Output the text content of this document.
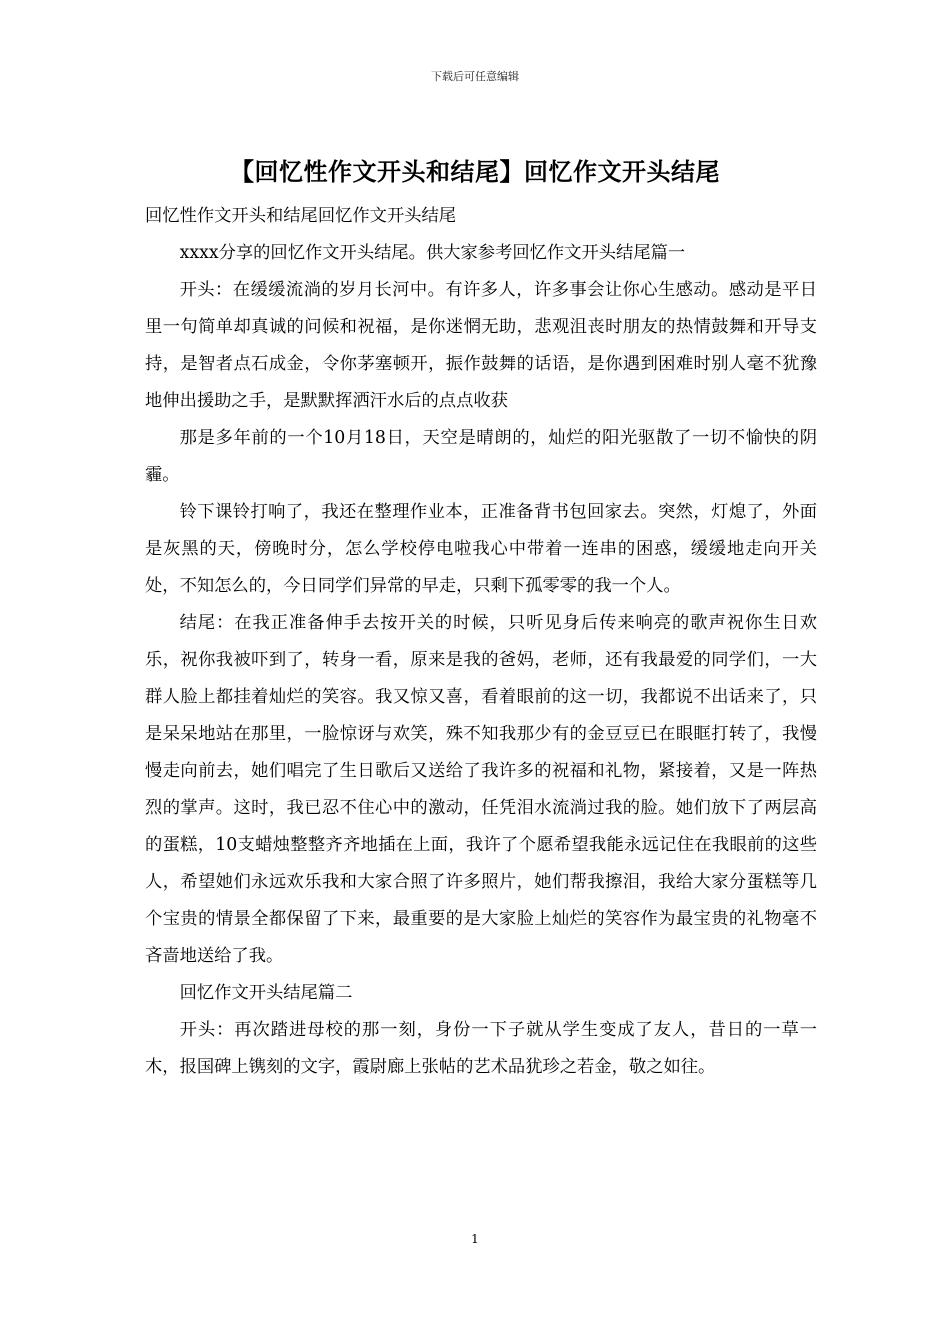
下载后可任意编辑
【回忆性作文开头和结尾】回忆作文开头结尾

回忆性作文开头和结尾回忆作文开头结尾

xxxx分享的回忆作文开头结尾。供大家参考回忆作文开头结尾篇一

开头：在缓缓流淌的岁月长河中。有许多人，许多事会让你心生感动。感动是平日里一句简单却真诚的问候和祝福，是你迷惘无助，悲观沮丧时朋友的热情鼓舞和开导支持，是智者点石成金，令你茅塞顿开，振作鼓舞的话语，是你遇到困难时别人毫不犹豫地伸出援助之手，是默默挥洒汗水后的点点收获

那是多年前的一个10月18日，天空是晴朗的，灿烂的阳光驱散了一切不愉快的阴霾。

铃下课铃打响了，我还在整理作业本，正准备背书包回家去。突然，灯熄了，外面是灰黑的天，傍晚时分，怎么学校停电啦我心中带着一连串的困惑，缓缓地走向开关处，不知怎么的，今日同学们异常的早走，只剩下孤零零的我一个人。

结尾：在我正准备伸手去按开关的时候，只听见身后传来响亮的歌声祝你生日欢乐，祝你我被吓到了，转身一看，原来是我的爸妈，老师，还有我最爱的同学们，一大群人脸上都挂着灿烂的笑容。我又惊又喜，看着眼前的这一切，我都说不出话来了，只是呆呆地站在那里，一脸惊讶与欢笑，殊不知我那少有的金豆豆已在眼眶打转了，我慢慢走向前去，她们唱完了生日歌后又送给了我许多的祝福和礼物，紧接着，又是一阵热烈的掌声。这时，我已忍不住心中的激动，任凭泪水流淌过我的脸。她们放下了两层高的蛋糕，10支蜡烛整整齐齐地插在上面，我许了个愿希望我能永远记住在我眼前的这些人，希望她们永远欢乐我和大家合照了许多照片，她们帮我擦泪，我给大家分蛋糕等几个宝贵的情景全都保留了下来，最重要的是大家脸上灿烂的笑容作为最宝贵的礼物毫不吝啬地送给了我。

回忆作文开头结尾篇二

开头：再次踏进母校的那一刻，身份一下子就从学生变成了友人，昔日的一草一木，报国碑上镌刻的文字，霞尉廊上张帖的艺术品犹珍之若金，敬之如往。

1
